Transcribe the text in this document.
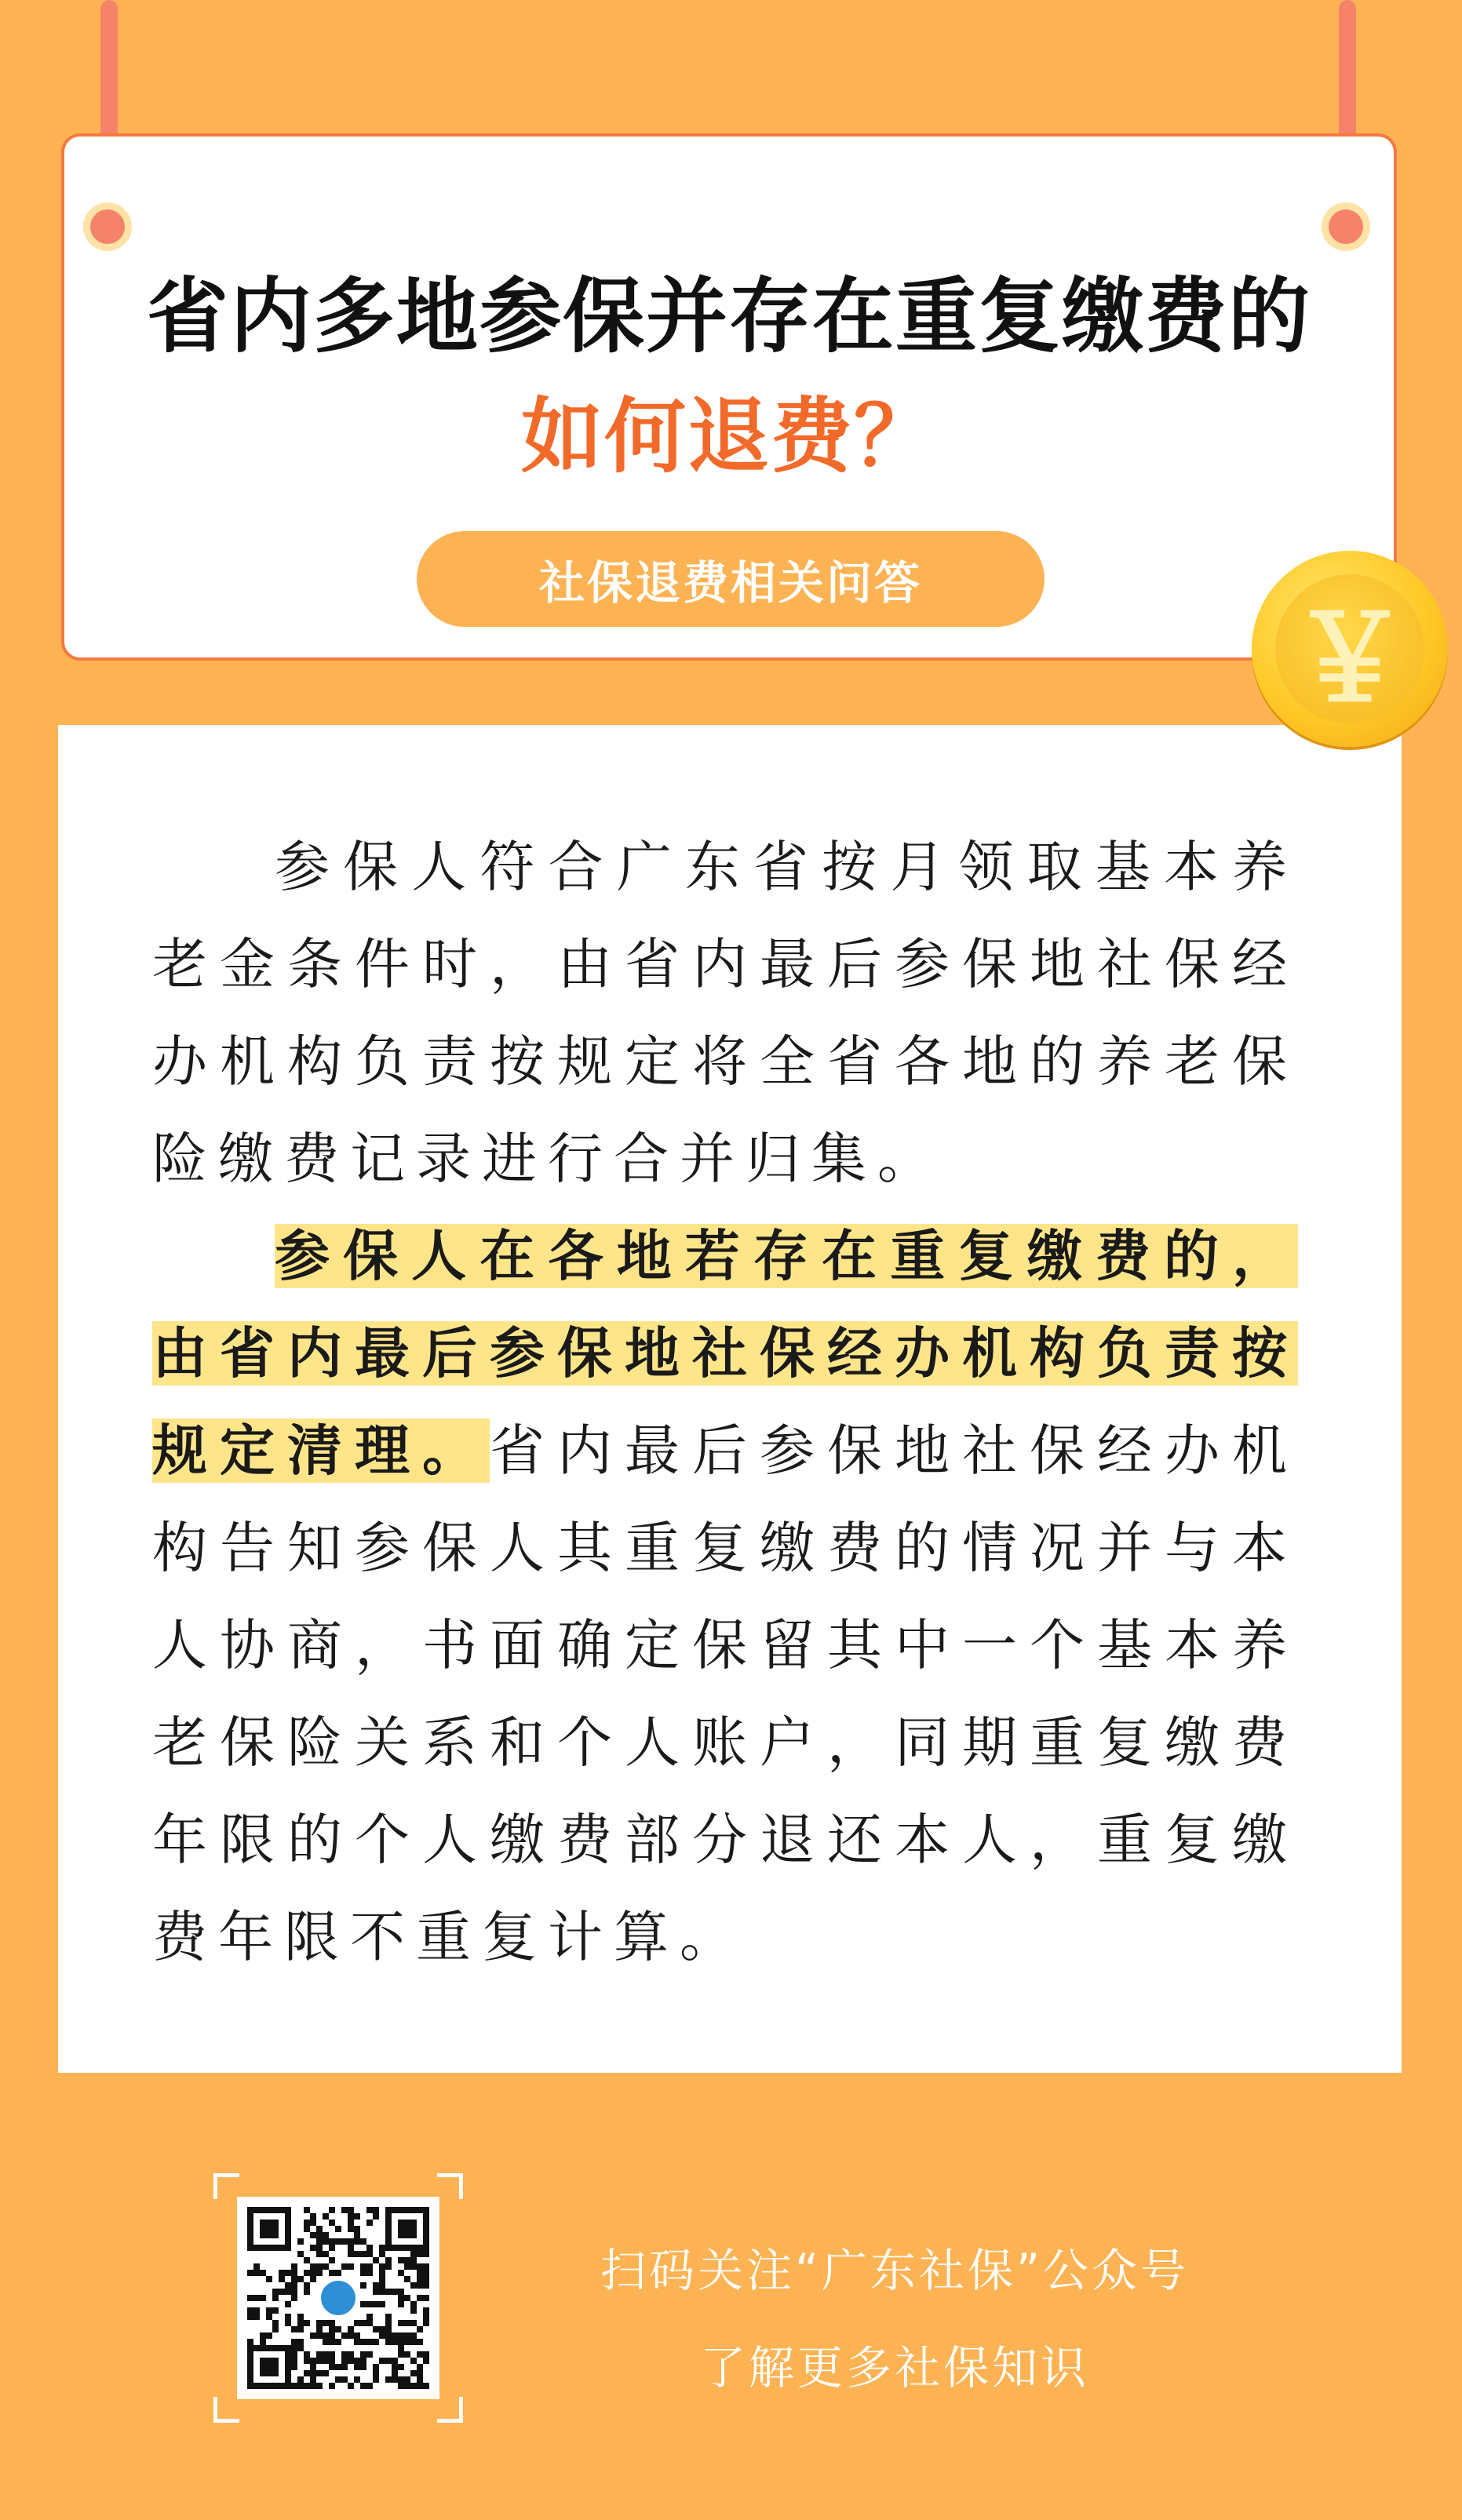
省内多地参保并存在重复缴费的
如何退费？
社保退费相关问答

参保人符合广东省按月领取基本养老金条件时，由省内最后参保地社保经办机构负责按规定将全省各地的养老保险缴费记录进行合并归集。

参保人在各地若存在重复缴费的，由省内最后参保地社保经办机构负责按规定清理。省内最后参保地社保经办机构告知参保人其重复缴费的情况并与本人协商，书面确定保留其中一个基本养老保险关系和个人账户，同期重复缴费年限的个人缴费部分退还本人，重复缴费年限不重复计算。

￥
扫码关注“广东社保”公众号
了解更多社保知识
